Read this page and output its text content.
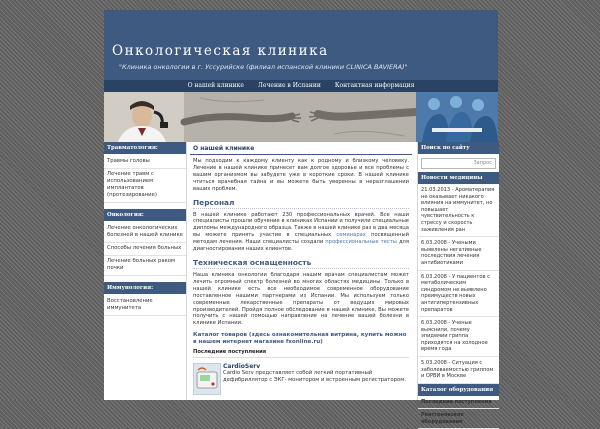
Онкологическая клиника
"Клиника онкологии в г. Уссурийске (филиал испанской клиники CLINICA BAVIERA)"
О нашей клинике	Лечение в Испании	Контактная информация
Травматология:
Травмы головы
Лечение травм с использованием имплантатов (протезирование)
Онкология:
Лечение онкологических болезней в нашей клинике
Способы лечения больных
Лечение больных раком почки
Иммунология:
Восстановление иммунитета
О нашей клинике

Мы подходим к каждому клиенту как к родному и близкому человеку. Лечение в нашей клинике принесет вам долгое здоровье и все проблемы с вашим организмом вы забудете уже в короткие сроки. В нашей клинике чтиться врачебная тайна и вы можете быть уверенны в неразглашении ваших проблем.

Персонал

В нашей клинике работают 230 профессиональных врачей. Все наши специалисты прошли обучение в клиниках Испании и получили специальные дипломы международного образца. Также в нашей клинике раз в два месяца вы можете принять участие в специальных семинарах посвященный методам лечения. Наши специалисты создали профессиональные тесты для диагностирования наших клиентов.

Техническая оснащенность

Наша клиника онкологии благодаря нашим врачам специалистам может лечить огромный спектр болезней во многих областях медицины. Только в нашей клинике есть все необходимое современное оборудование поставленное нашими партнерами из Испании. Мы используем только современные лекарственные препараты от ведущих мировых производителей. Пройдя полное обследование в нашей клинике, Вы можете получить с нашей помощью направление на лечение вашей болезни в клинике Испании.

Каталог товаров (здесь ознакомительная витрина, купить можно в нашем интернет магазине fxonline.ru)
Последние поступления
CardioServ
Cardio Serv представляет собой легкий портативный дефибриллятор с ЭКГ- монитором и встроенным регистратором.
Поиск по сайту
Запрос
Новости медицины
21.03.2013 - Ароматерапия не оказывает никакого влияния на иммунитет, но повышает чувствительность к стрессу и скорость заживления ран
6.03.2008 - Учеными выявлены негативные последствия лечения антибиотиками
6.03.2008 - У пациентов с метаболическим синдромом не выявлено преимуществ новых антигипертензивных препаратов
6.03.2008 - Ученые выяснили, почему эпидемии гриппа приходятся на холодное время года
5.03.2008 - Ситуация с заболеваемостью гриппом и ОРВИ в Москве
Каталог оборудования
Последние поступления
Рентгеновское оборудование
